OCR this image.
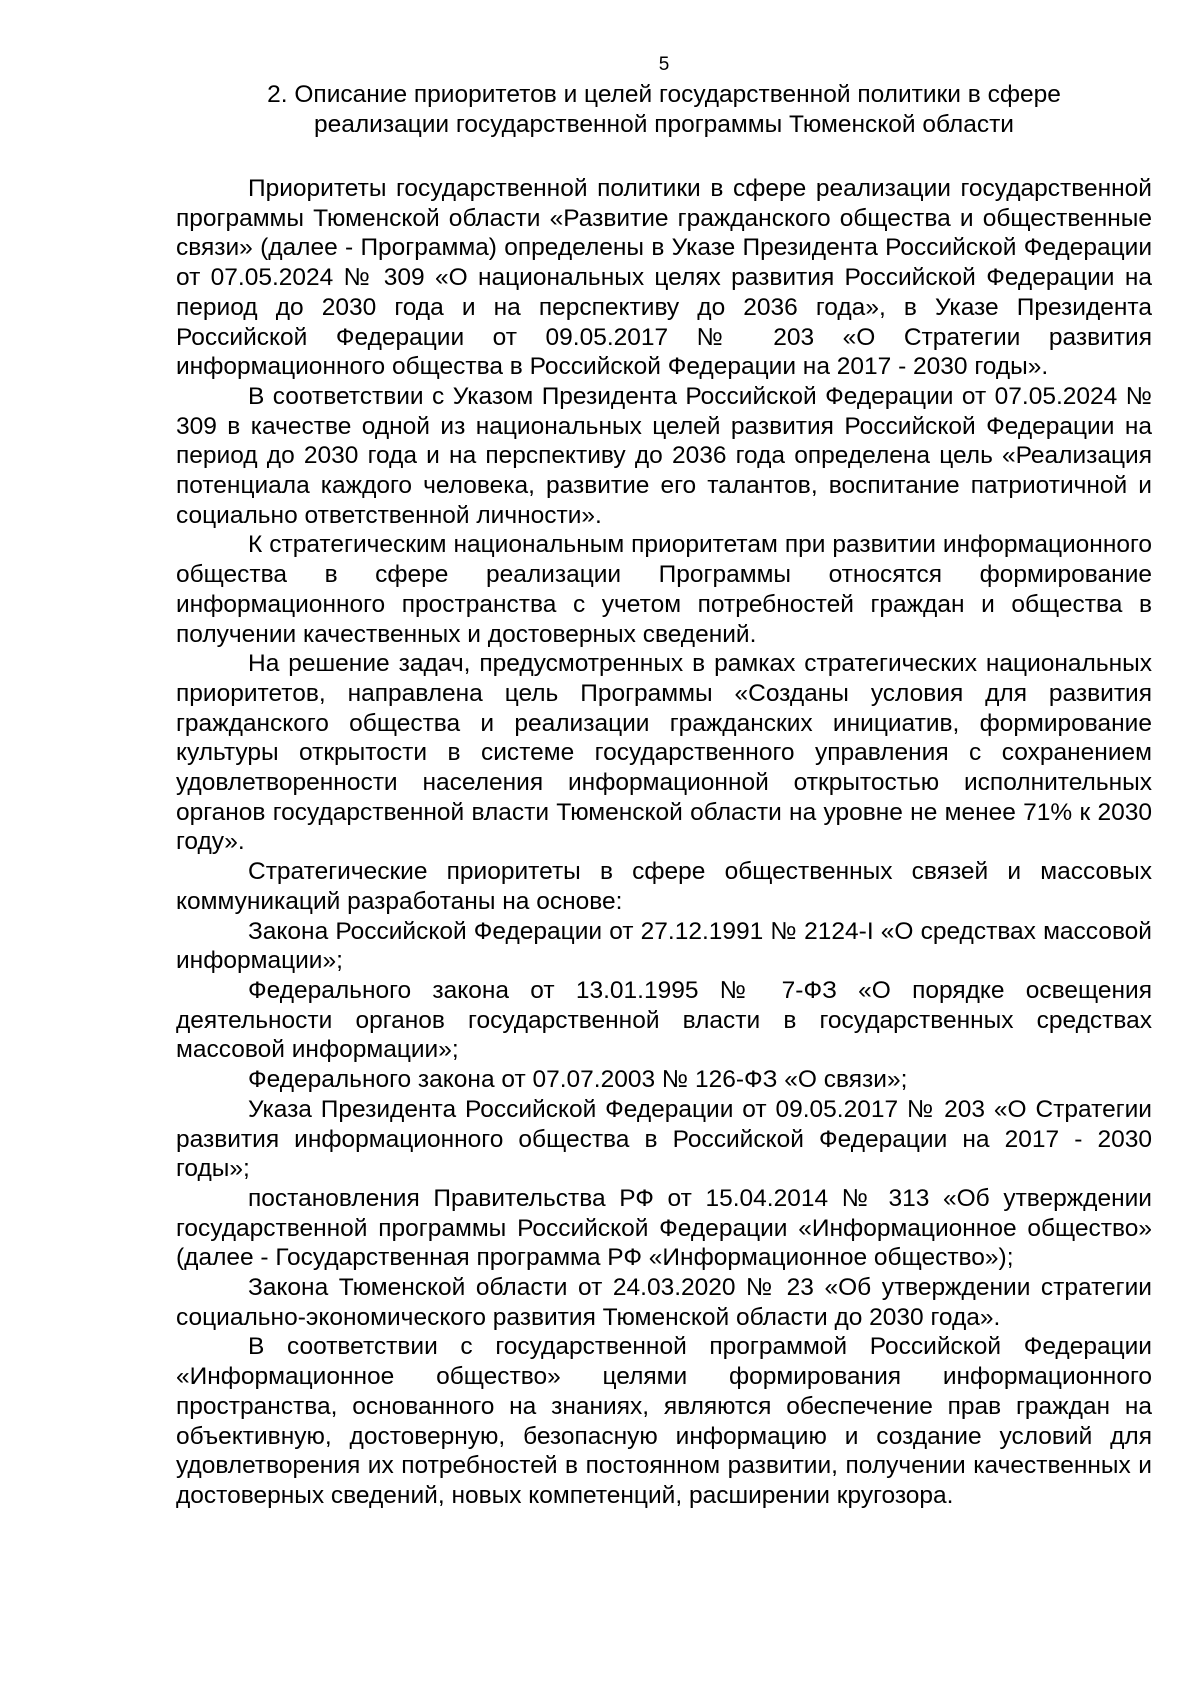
5
2. Описание приоритетов и целей государственной политики в сфере
реализации государственной программы Тюменской области

Приоритеты государственной политики в сфере реализации государственной программы Тюменской области «Развитие гражданского общества и общественные связи» (далее - Программа) определены в Указе Президента Российской Федерации от 07.05.2024 № 309 «О национальных целях развития Российской Федерации на период до 2030 года и на перспективу до 2036 года», в Указе Президента Российской Федерации от 09.05.2017 № 203 «О Стратегии развития информационного общества в Российской Федерации на 2017 - 2030 годы».

В соответствии с Указом Президента Российской Федерации от 07.05.2024 № 309 в качестве одной из национальных целей развития Российской Федерации на период до 2030 года и на перспективу до 2036 года определена цель «Реализация потенциала каждого человека, развитие его талантов, воспитание патриотичной и социально ответственной личности».

К стратегическим национальным приоритетам при развитии информационного общества в сфере реализации Программы относятся формирование информационного пространства с учетом потребностей граждан и общества в получении качественных и достоверных сведений.

На решение задач, предусмотренных в рамках стратегических национальных приоритетов, направлена цель Программы «Созданы условия для развития гражданского общества и реализации гражданских инициатив, формирование культуры открытости в системе государственного управления с сохранением удовлетворенности населения информационной открытостью исполнительных органов государственной власти Тюменской области на уровне не менее 71% к 2030 году».

Стратегические приоритеты в сфере общественных связей и массовых коммуникаций разработаны на основе:

Закона Российской Федерации от 27.12.1991 № 2124-I «О средствах массовой информации»;

Федерального закона от 13.01.1995 № 7-ФЗ «О порядке освещения деятельности органов государственной власти в государственных средствах массовой информации»;

Федерального закона от 07.07.2003 № 126-ФЗ «О связи»;

Указа Президента Российской Федерации от 09.05.2017 № 203 «О Стратегии развития информационного общества в Российской Федерации на 2017 - 2030 годы»;

постановления Правительства РФ от 15.04.2014 № 313 «Об утверждении государственной программы Российской Федерации «Информационное общество» (далее - Государственная программа РФ «Информационное общество»);

Закона Тюменской области от 24.03.2020 № 23 «Об утверждении стратегии социально-экономического развития Тюменской области до 2030 года».

В соответствии с государственной программой Российской Федерации «Информационное общество» целями формирования информационного пространства, основанного на знаниях, являются обеспечение прав граждан на объективную, достоверную, безопасную информацию и создание условий для удовлетворения их потребностей в постоянном развитии, получении качественных и достоверных сведений, новых компетенций, расширении кругозора.
